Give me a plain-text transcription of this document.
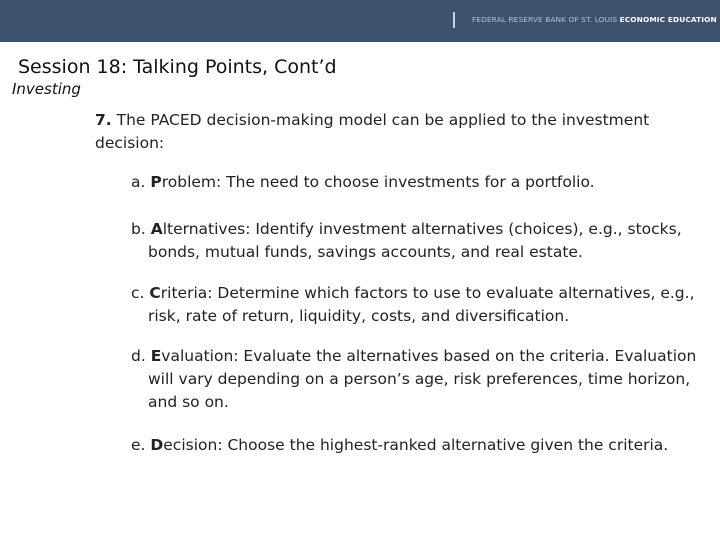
FEDERAL RESERVE BANK OF ST. LOUIS ECONOMIC EDUCATION
Session 18: Talking Points, Cont’d
Investing
7. The PACED decision-making model can be applied to the investment decision:
a. Problem: The need to choose investments for a portfolio.
b. Alternatives: Identify investment alternatives (choices), e.g., stocks, bonds, mutual funds, savings accounts, and real estate.
c. Criteria: Determine which factors to use to evaluate alternatives, e.g., risk, rate of return, liquidity, costs, and diversification.
d. Evaluation: Evaluate the alternatives based on the criteria. Evaluation will vary depending on a person’s age, risk preferences, time horizon, and so on.
e. Decision: Choose the highest-ranked alternative given the criteria.
